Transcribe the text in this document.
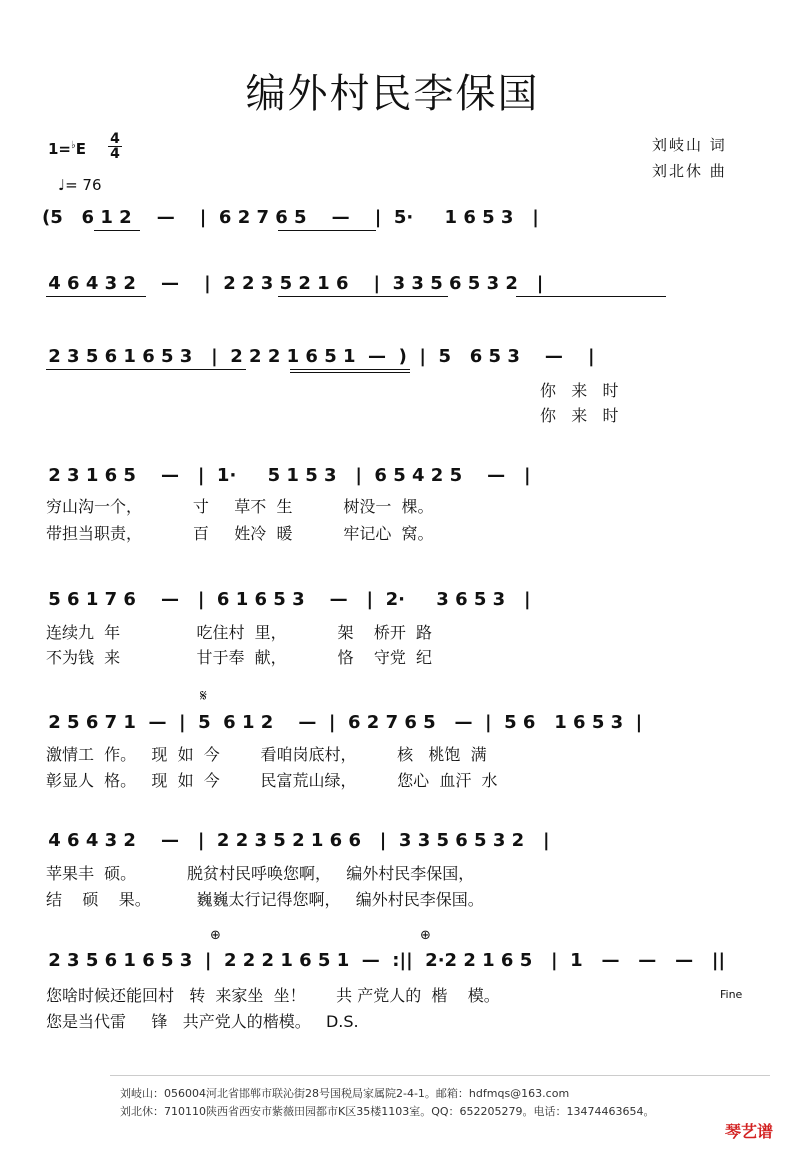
编外村民李保国
1=♭E
4
4
♩= 76
刘岐山 词
刘北休 曲
(5   6 1 2    —    |  6 2 7 6 5    —    |  5·     1 6 5 3   |
4 6 4 3 2    —    |  2 2 3 5 2 1 6    |  3 3 5 6 5 3 2   |
2 3 5 6 1 6 5 3   |  2 2 2 1 6 5 1  —  )  |  5   6 5 3    —    |
你   来   时
你   来   时
2 3 1 6 5    —   |  1·     5 1 5 3   |  6 5 4 2 5    —   |
穷山沟一个，          寸     草不  生          树没一  棵。
带担当职责，          百     姓冷  暖          牢记心  窝。
5 6 1 7 6    —   |  6 1 6 5 3    —   |  2·     3 6 5 3   |
连续九  年               吃住村  里，          架    桥开  路
不为钱  来               甘于奉  献，          恪    守党  纪
𝄋
2 5 6 7 1  —  |  5  6 1 2    —  |  6 2 7 6 5   —  |  5 6   1 6 5 3  |
激情工  作。   现  如  今        看咱岗底村，        核   桃饱  满
彰显人  格。   现  如  今        民富荒山绿，        您心  血汗  水
4 6 4 3 2    —   |  2 2 3 5 2 1 6 6   |  3 3 5 6 5 3 2   |
苹果丰  硕。          脱贫村民呼唤您啊，   编外村民李保国，
结    硕    果。         巍巍太行记得您啊，   编外村民李保国。
⊕	⊕
2 3 5 6 1 6 5 3  |  2 2 2 1 6 5 1  —  :||  2·2 2 1 6 5   |  1   —   —   —   ||
您啥时候还能回村   转  来家坐  坐！      共 产党人的  楷    模。
您是当代雷     锋   共产党人的楷模。   D.S.
Fine
刘岐山：056004河北省邯郸市联沁街28号国税局家属院2-4-1。邮箱：hdfmqs@163.com
刘北休：710110陕西省西安市紫薇田园都市K区35楼1103室。QQ：652205279。电话：13474463654。
琴艺谱
